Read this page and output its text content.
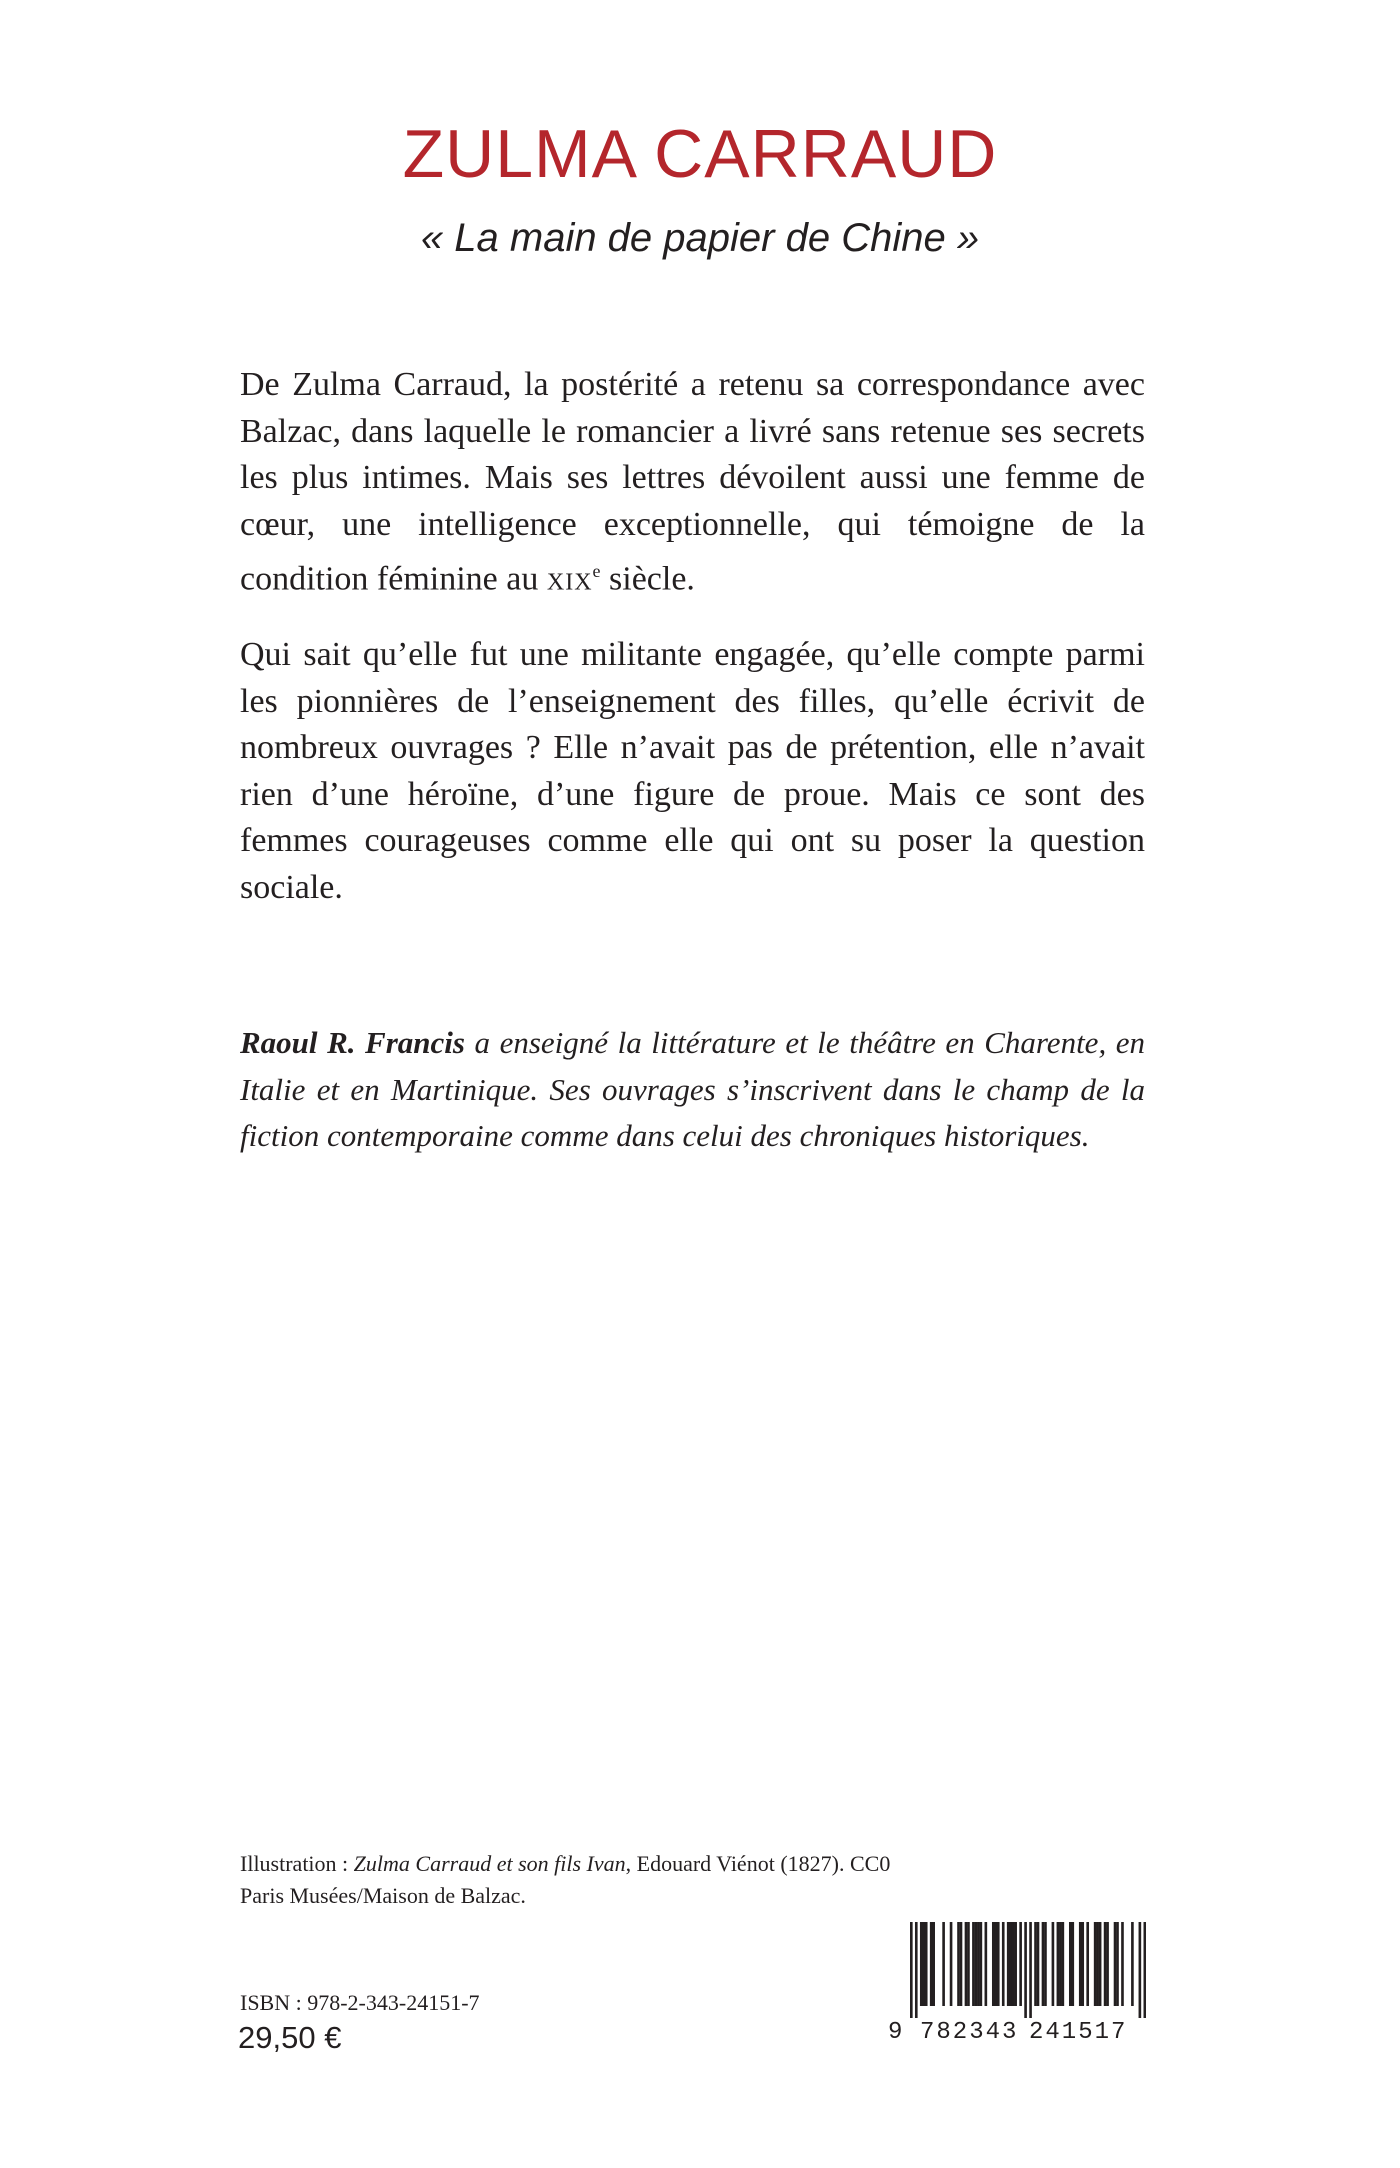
ZULMA CARRAUD
« La main de papier de Chine »

De Zulma Carraud, la postérité a retenu sa correspondance avec Balzac, dans laquelle le romancier a livré sans retenue ses secrets les plus intimes. Mais ses lettres dévoilent aussi une femme de cœur, une intelligence exceptionnelle, qui témoigne de la condition féminine au xix$^e$ siècle.

Qui sait qu’elle fut une militante engagée, qu’elle compte parmi les pionnières de l’enseignement des filles, qu’elle écrivit de nombreux ouvrages ? Elle n’avait pas de prétention, elle n’avait rien d’une héroïne, d’une figure de proue. Mais ce sont des femmes courageuses comme elle qui ont su poser la question sociale.

Raoul R. Francis a enseigné la littérature et le théâtre en Charente, en Italie et en Martinique. Ses ouvrages s’inscrivent dans le champ de la fiction contemporaine comme dans celui des chroniques historiques.

Illustration : Zulma Carraud et son fils Ivan, Edouard Viénot (1827). CC0 Paris Musées/Maison de Balzac.

ISBN : 978-2-343-24151-7
29,50 €	9 782343 241517
